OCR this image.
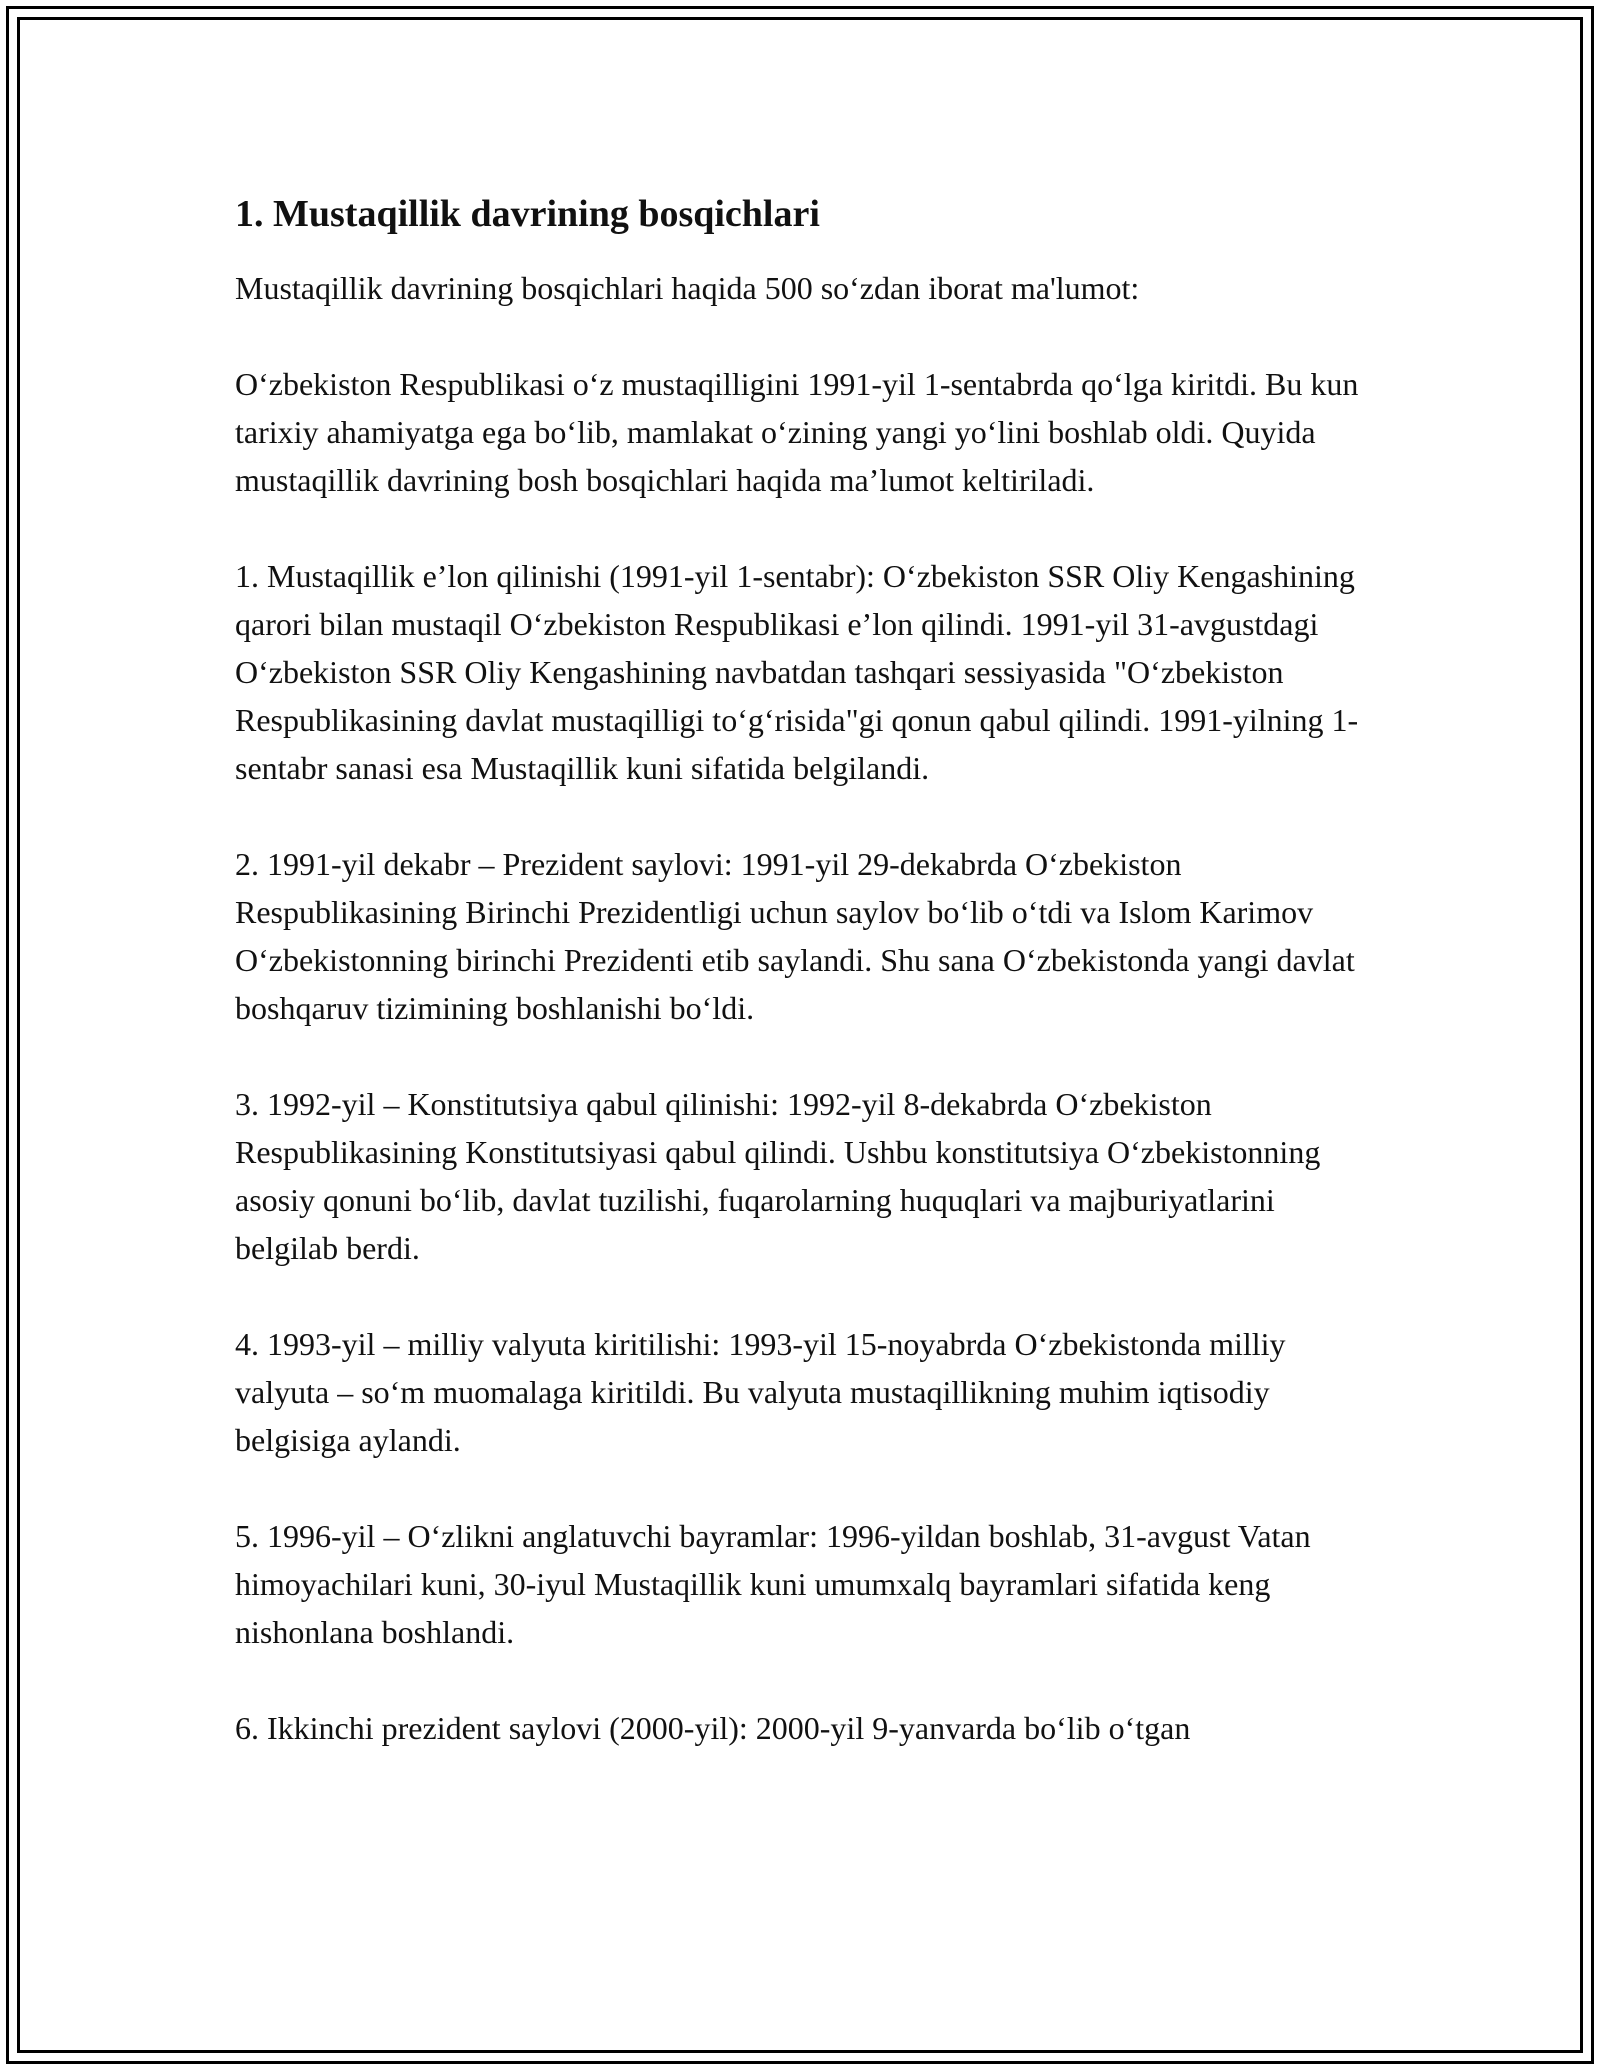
1. Mustaqillik davrining bosqichlari

Mustaqillik davrining bosqichlari haqida 500 so‘zdan iborat ma'lumot:

O‘zbekiston Respublikasi o‘z mustaqilligini 1991-yil 1-sentabrda qo‘lga kiritdi. Bu kun tarixiy ahamiyatga ega bo‘lib, mamlakat o‘zining yangi yo‘lini boshlab oldi. Quyida mustaqillik davrining bosh bosqichlari haqida ma’lumot keltiriladi.

1. Mustaqillik e’lon qilinishi (1991-yil 1-sentabr): O‘zbekiston SSR Oliy Kengashining qarori bilan mustaqil O‘zbekiston Respublikasi e’lon qilindi. 1991-yil 31-avgustdagi O‘zbekiston SSR Oliy Kengashining navbatdan tashqari sessiyasida "O‘zbekiston Respublikasining davlat mustaqilligi to‘g‘risida"gi qonun qabul qilindi. 1991-yilning 1-sentabr sanasi esa Mustaqillik kuni sifatida belgilandi.

2. 1991-yil dekabr – Prezident saylovi: 1991-yil 29-dekabrda O‘zbekiston Respublikasining Birinchi Prezidentligi uchun saylov bo‘lib o‘tdi va Islom Karimov O‘zbekistonning birinchi Prezidenti etib saylandi. Shu sana O‘zbekistonda yangi davlat boshqaruv tizimining boshlanishi bo‘ldi.

3. 1992-yil – Konstitutsiya qabul qilinishi: 1992-yil 8-dekabrda O‘zbekiston Respublikasining Konstitutsiyasi qabul qilindi. Ushbu konstitutsiya O‘zbekistonning asosiy qonuni bo‘lib, davlat tuzilishi, fuqarolarning huquqlari va majburiyatlarini belgilab berdi.

4. 1993-yil – milliy valyuta kiritilishi: 1993-yil 15-noyabrda O‘zbekistonda milliy valyuta – so‘m muomalaga kiritildi. Bu valyuta mustaqillikning muhim iqtisodiy belgisiga aylandi.

5. 1996-yil – O‘zlikni anglatuvchi bayramlar: 1996-yildan boshlab, 31-avgust Vatan himoyachilari kuni, 30-iyul Mustaqillik kuni umumxalq bayramlari sifatida keng nishonlana boshlandi.

6. Ikkinchi prezident saylovi (2000-yil): 2000-yil 9-yanvarda bo‘lib o‘tgan
